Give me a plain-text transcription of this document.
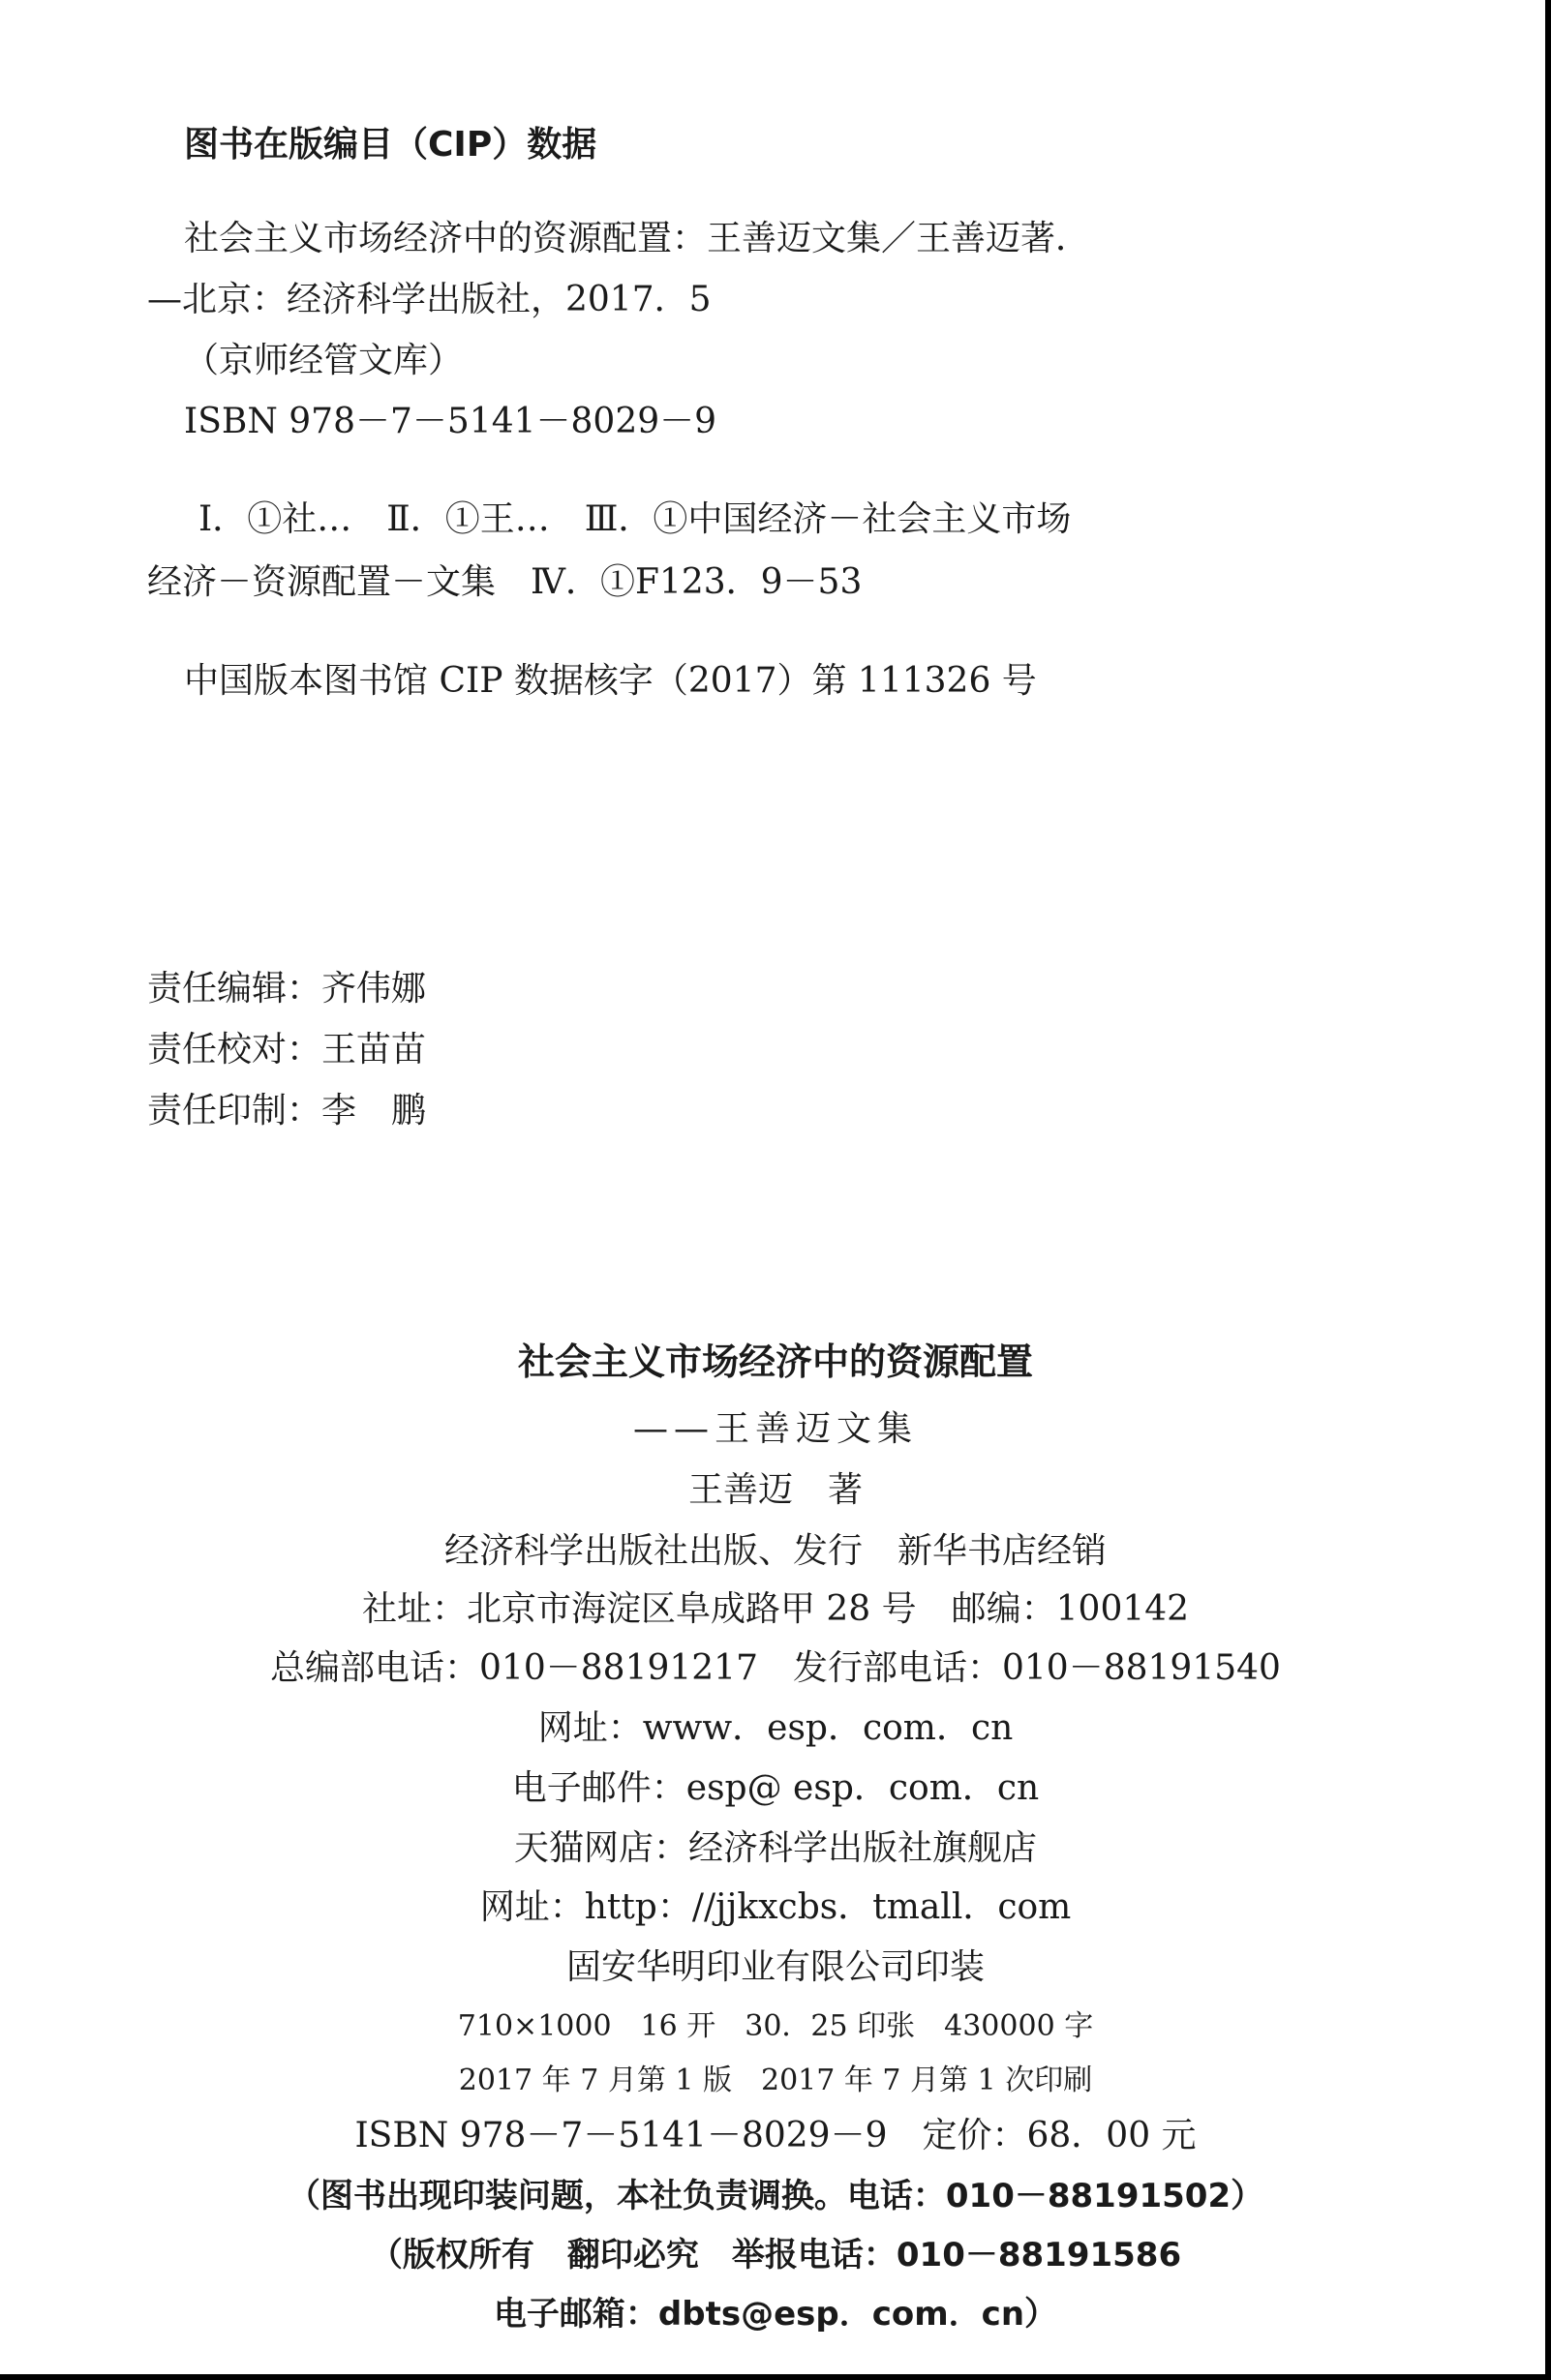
图书在版编目（CIP）数据
社会主义市场经济中的资源配置：王善迈文集／王善迈著．
—北京：经济科学出版社，2017．5
（京师经管文库）
ISBN 978－7－5141－8029－9
Ⅰ．①社…　Ⅱ．①王…　Ⅲ．①中国经济－社会主义市场
经济－资源配置－文集　Ⅳ．①F123．9－53
中国版本图书馆 CIP 数据核字（2017）第 111326 号
责任编辑：齐伟娜
责任校对：王苗苗
责任印制：李　鹏
社会主义市场经济中的资源配置
——王善迈文集
王善迈　著
经济科学出版社出版、发行　新华书店经销
社址：北京市海淀区阜成路甲 28 号　邮编：100142
总编部电话：010－88191217　发行部电话：010－88191540
网址：www．esp．com．cn
电子邮件：esp@ esp．com．cn
天猫网店：经济科学出版社旗舰店
网址：http：//jjkxcbs．tmall．com
固安华明印业有限公司印装
710×1000　16 开　30．25 印张　430000 字
2017 年 7 月第 1 版　2017 年 7 月第 1 次印刷
ISBN 978－7－5141－8029－9　定价：68．00 元
（图书出现印装问题，本社负责调换。电话：010－88191502）
（版权所有　翻印必究　举报电话：010－88191586
电子邮箱：dbts@esp．com．cn）
